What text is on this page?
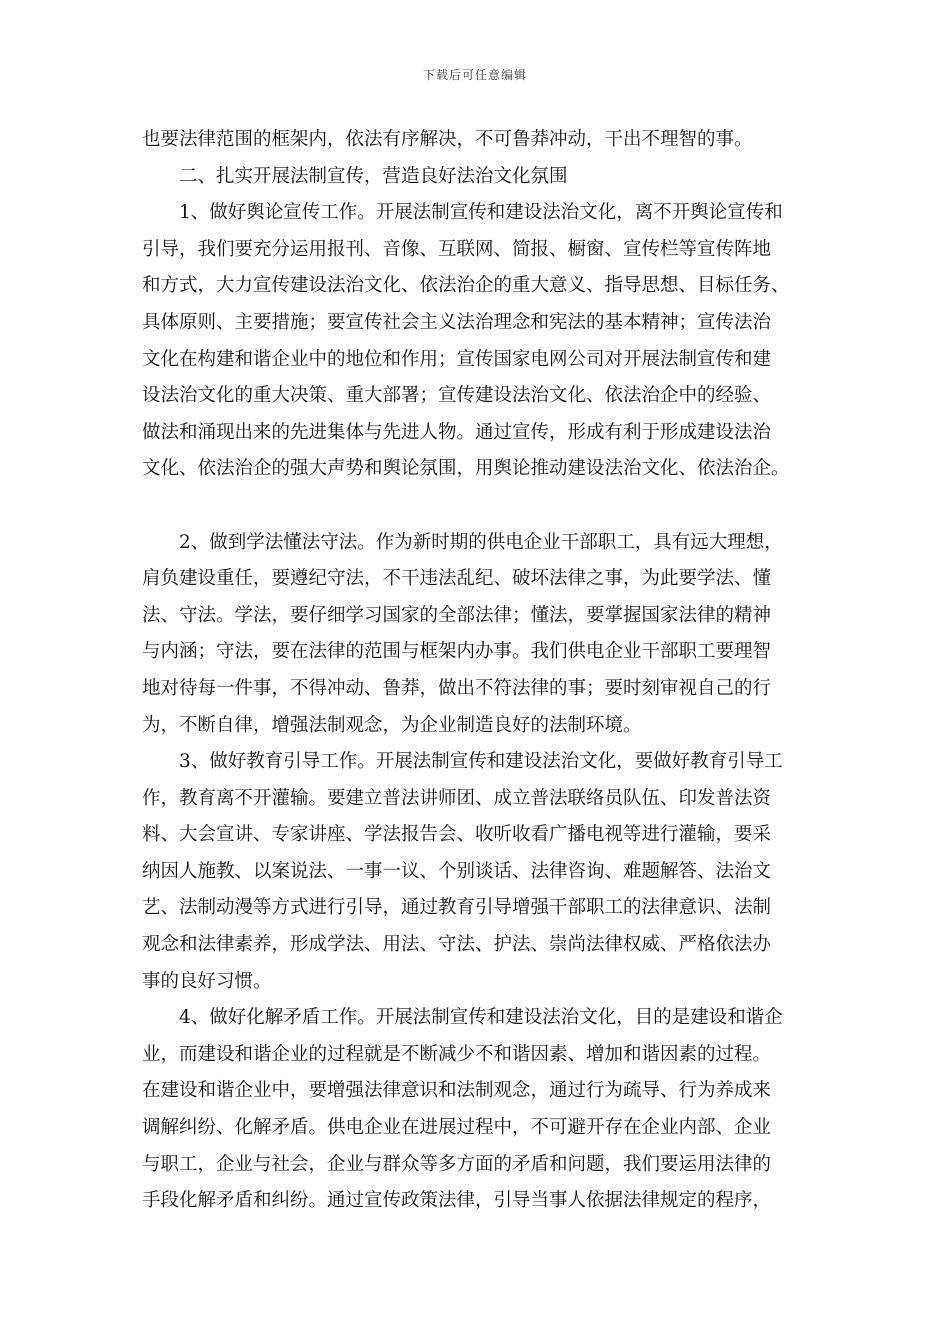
下载后可任意编辑
也要法律范围的框架内，依法有序解决，不可鲁莽冲动，干出不理智的事。
二、扎实开展法制宣传，营造良好法治文化氛围
1、做好舆论宣传工作。开展法制宣传和建设法治文化，离不开舆论宣传和
引导，我们要充分运用报刊、音像、互联网、简报、橱窗、宣传栏等宣传阵地
和方式，大力宣传建设法治文化、依法治企的重大意义、指导思想、目标任务、
具体原则、主要措施；要宣传社会主义法治理念和宪法的基本精神；宣传法治
文化在构建和谐企业中的地位和作用；宣传国家电网公司对开展法制宣传和建
设法治文化的重大决策、重大部署；宣传建设法治文化、依法治企中的经验、
做法和涌现出来的先进集体与先进人物。通过宣传，形成有利于形成建设法治
文化、依法治企的强大声势和舆论氛围，用舆论推动建设法治文化、依法治企。
2、做到学法懂法守法。作为新时期的供电企业干部职工，具有远大理想，
肩负建设重任，要遵纪守法，不干违法乱纪、破坏法律之事，为此要学法、懂
法、守法。学法，要仔细学习国家的全部法律；懂法，要掌握国家法律的精神
与内涵；守法，要在法律的范围与框架内办事。我们供电企业干部职工要理智
地对待每一件事，不得冲动、鲁莽，做出不符法律的事；要时刻审视自己的行
为，不断自律，增强法制观念，为企业制造良好的法制环境。
3、做好教育引导工作。开展法制宣传和建设法治文化，要做好教育引导工
作，教育离不开灌输。要建立普法讲师团、成立普法联络员队伍、印发普法资
料、大会宣讲、专家讲座、学法报告会、收听收看广播电视等进行灌输，要采
纳因人施教、以案说法、一事一议、个别谈话、法律咨询、难题解答、法治文
艺、法制动漫等方式进行引导，通过教育引导增强干部职工的法律意识、法制
观念和法律素养，形成学法、用法、守法、护法、崇尚法律权威、严格依法办
事的良好习惯。
4、做好化解矛盾工作。开展法制宣传和建设法治文化，目的是建设和谐企
业，而建设和谐企业的过程就是不断减少不和谐因素、增加和谐因素的过程。
在建设和谐企业中，要增强法律意识和法制观念，通过行为疏导、行为养成来
调解纠纷、化解矛盾。供电企业在进展过程中，不可避开存在企业内部、企业
与职工，企业与社会，企业与群众等多方面的矛盾和问题，我们要运用法律的
手段化解矛盾和纠纷。通过宣传政策法律，引导当事人依据法律规定的程序，
